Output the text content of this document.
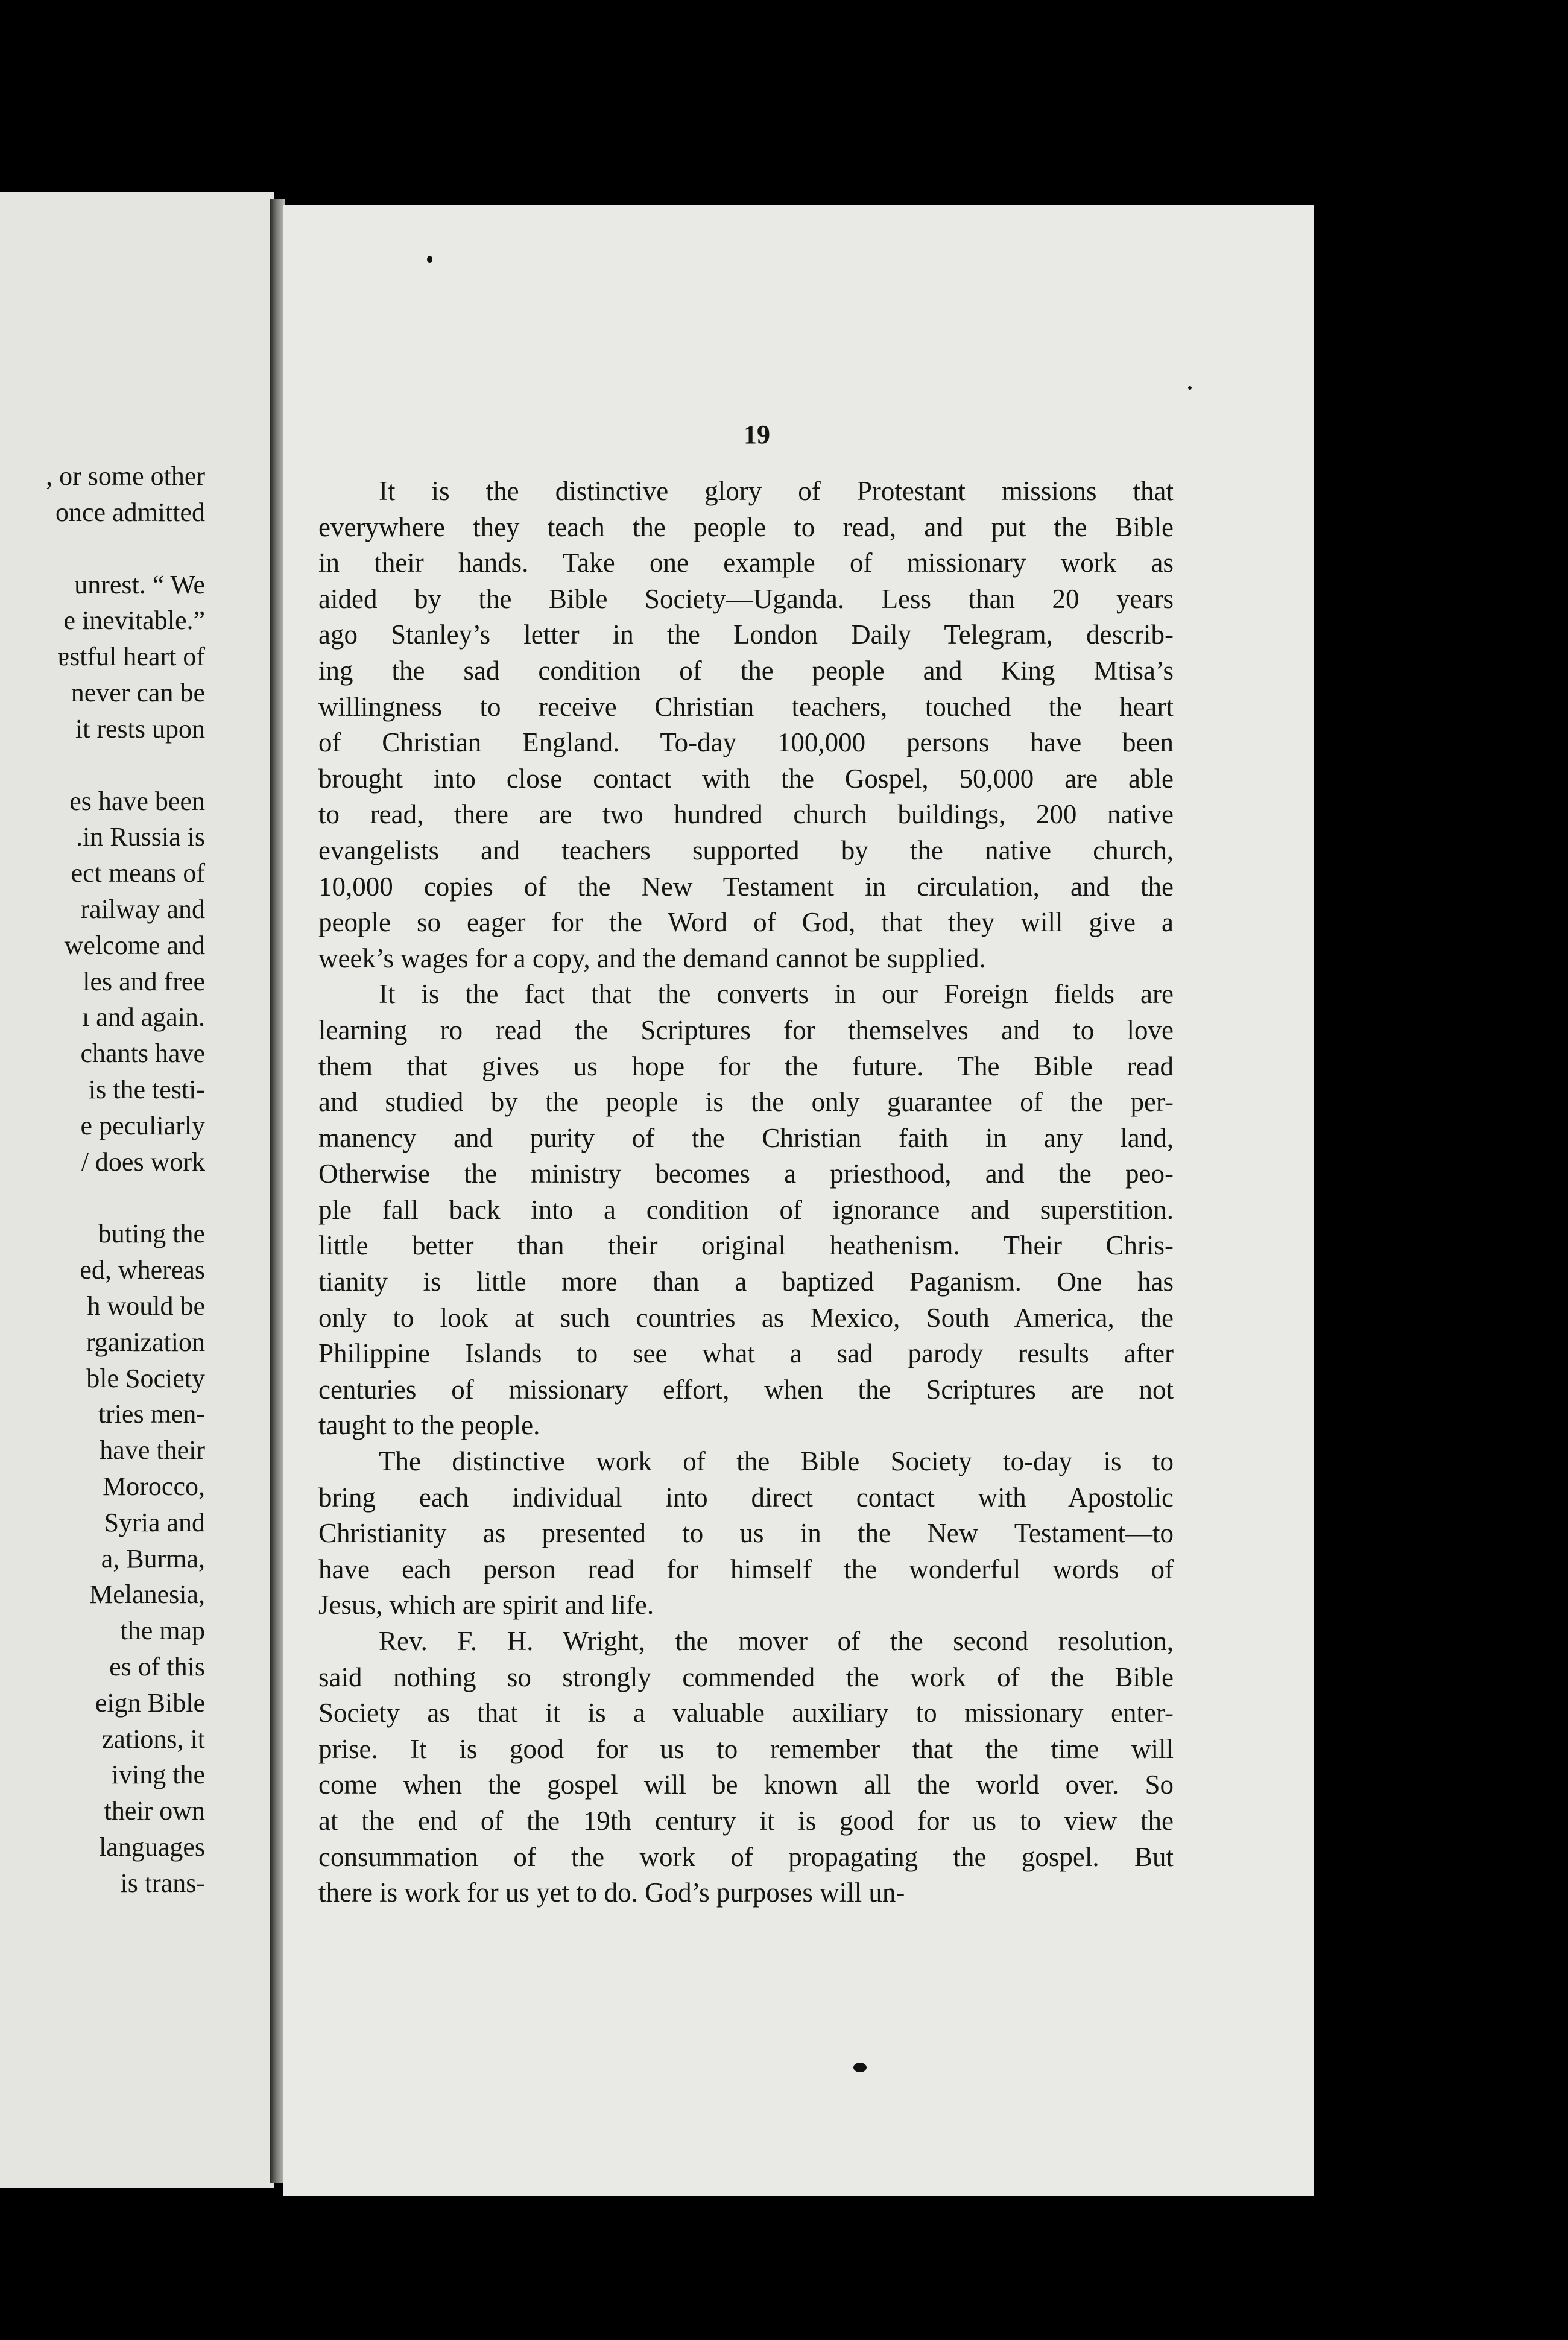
, or some other
once admitted
unrest. “ We
e inevitable.”
ɐstful heart of
never can be
it rests upon
es have been
.in Russia is
ect means of
railway and
welcome and
les and free
ı and again.
chants have
is the testi-
e peculiarly
/ does work
buting the
ed, whereas
h would be
rganization
ble Society
tries men-
have their
Morocco,
Syria and
a, Burma,
Melanesia,
the map
es of this
eign Bible
zations, it
iving the
their own
languages
is trans-
19

It is the distinctive glory of Protestant missions that
everywhere they teach the people to read, and put the Bible
in their hands. Take one example of missionary work as
aided by the Bible Society—Uganda. Less than 20 years
ago Stanley’s letter in the London Daily Telegram, describ-
ing the sad condition of the people and King Mtisa’s
willingness to receive Christian teachers, touched the heart
of Christian England. To-day 100,000 persons have been
brought into close contact with the Gospel, 50,000 are able
to read, there are two hundred church buildings, 200 native
evangelists and teachers supported by the native church,
10,000 copies of the New Testament in circulation, and the
people so eager for the Word of God, that they will give a
week’s wages for a copy, and the demand cannot be supplied.

It is the fact that the converts in our Foreign fields are
learning ro read the Scriptures for themselves and to love
them that gives us hope for the future. The Bible read
and studied by the people is the only guarantee of the per-
manency and purity of the Christian faith in any land,
Otherwise the ministry becomes a priesthood, and the peo-
ple fall back into a condition of ignorance and superstition.
little better than their original heathenism. Their Chris-
tianity is little more than a baptized Paganism. One has
only to look at such countries as Mexico, South America, the
Philippine Islands to see what a sad parody results after
centuries of missionary effort, when the Scriptures are not
taught to the people.

The distinctive work of the Bible Society to-day is to
bring each individual into direct contact with Apostolic
Christianity as presented to us in the New Testament—to
have each person read for himself the wonderful words of
Jesus, which are spirit and life.

Rev. F. H. Wright, the mover of the second resolution,
said nothing so strongly commended the work of the Bible
Society as that it is a valuable auxiliary to missionary enter-
prise. It is good for us to remember that the time will
come when the gospel will be known all the world over. So
at the end of the 19th century it is good for us to view the
consummation of the work of propagating the gospel. But
there is work for us yet to do. God’s purposes will un-
